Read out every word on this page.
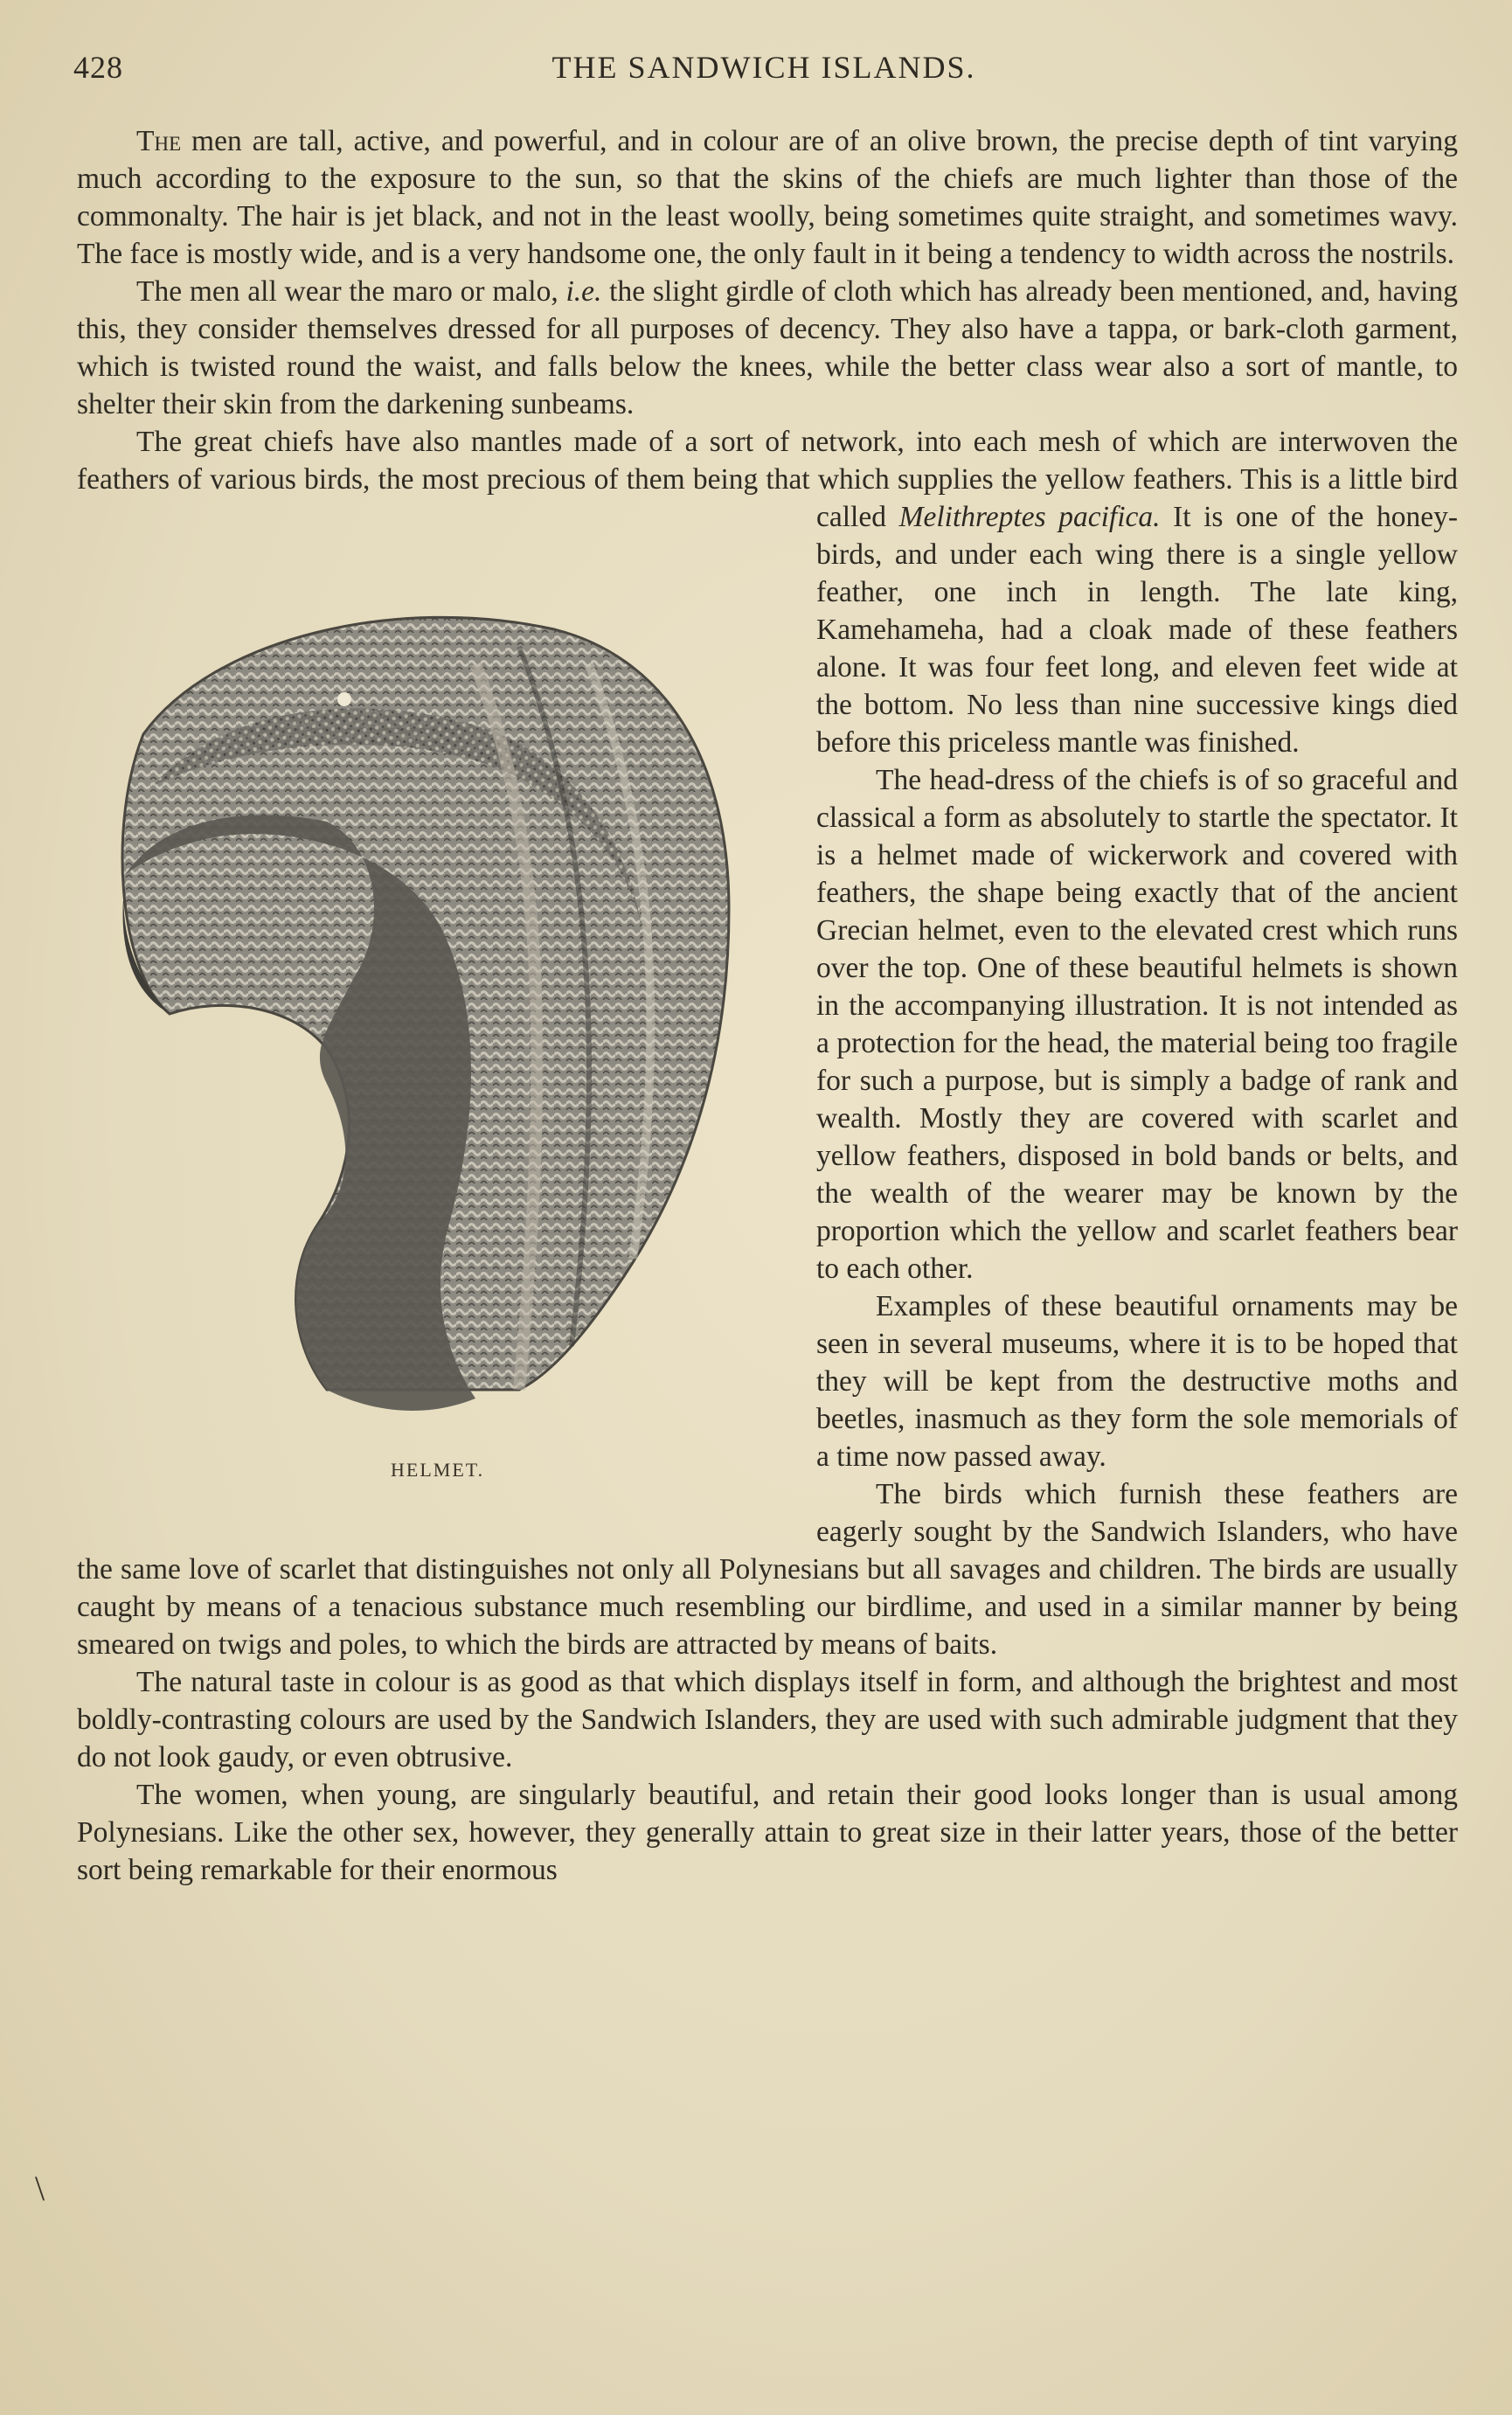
428	THE SANDWICH ISLANDS.

The men are tall, active, and powerful, and in colour are of an olive brown, the precise depth of tint varying much according to the exposure to the sun, so that the skins of the chiefs are much lighter than those of the commonalty. The hair is jet black, and not in the least woolly, being sometimes quite straight, and sometimes wavy. The face is mostly wide, and is a very handsome one, the only fault in it being a tendency to width across the nostrils.

The men all wear the maro or malo, i.e. the slight girdle of cloth which has already been mentioned, and, having this, they consider themselves dressed for all purposes of decency. They also have a tappa, or bark-cloth garment, which is twisted round the waist, and falls below the knees, while the better class wear also a sort of mantle, to shelter their skin from the darkening sunbeams.

The great chiefs have also mantles made of a sort of network, into each mesh of which are interwoven the feathers of various birds, the most precious of them being that which supplies the yellow feathers. This is a little bird called
HELMET.
Melithreptes pacifica. It is one of the honey-birds, and under each wing there is a single yellow feather, one inch in length. The late king, Kamehameha, had a cloak made of these feathers alone. It was four feet long, and eleven feet wide at the bottom. No less than nine successive kings died before this priceless mantle was finished.

The head-dress of the chiefs is of so graceful and classical a form as absolutely to startle the spectator. It is a helmet made of wickerwork and covered with feathers, the shape being exactly that of the ancient Grecian helmet, even to the elevated crest which runs over the top. One of these beautiful helmets is shown in the accompanying illustration. It is not intended as a protection for the head, the material being too fragile for such a purpose, but is simply a badge of rank and wealth. Mostly they are covered with scarlet and yellow feathers, disposed in bold bands or belts, and the wealth of the wearer may be known by the proportion which the yellow and scarlet feathers bear to each other.

Examples of these beautiful ornaments may be seen in several museums, where it is to be hoped that they will be kept from the destructive moths and beetles, inasmuch as they form the sole memorials of a time now passed away.

The birds which furnish these feathers are eagerly sought by the Sandwich Islanders, who have the same love of scarlet that distinguishes not only all Polynesians but all savages and children. The birds are usually caught by means of a tenacious substance much resembling our birdlime, and used in a similar manner by being smeared on twigs and poles, to which the birds are attracted by means of baits.

The natural taste in colour is as good as that which displays itself in form, and although the brightest and most boldly-contrasting colours are used by the Sandwich Islanders, they are used with such admirable judgment that they do not look gaudy, or even obtrusive.

The women, when young, are singularly beautiful, and retain their good looks longer than is usual among Polynesians. Like the other sex, however, they generally attain to great size in their latter years, those of the better sort being remarkable for their enormous

\
